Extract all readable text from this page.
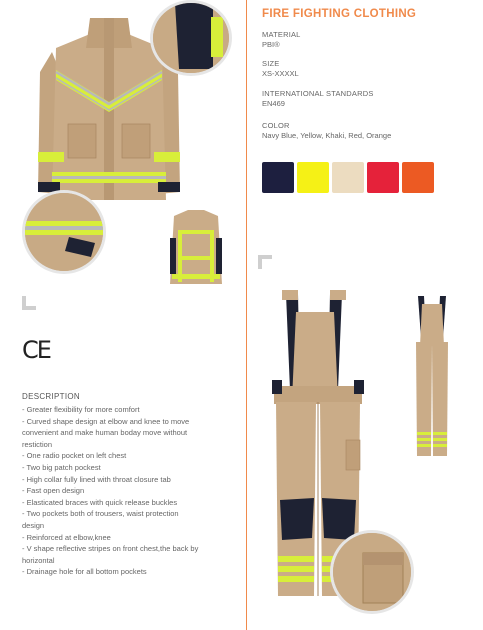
CE
DESCRIPTION
- Greater flexibility for more comfort
- Curved shape design at elbow and knee to move
convenient and make human boday move without
restiction
- One radio pocket on left chest
- Two big patch pockest
- High collar fully lined with throat closure tab
- Fast open design
- Elasticated braces with quick release buckles
- Two pockets both of trousers, waist protection
design
- Reinforced at elbow,knee
- V shape reflective stripes on front chest,the back by
horizontal
- Drainage hole for all bottom pockets
FIRE FIGHTING CLOTHING
MATERIAL
PBI®
SIZE
XS-XXXXL
INTERNATIONAL STANDARDS
EN469
COLOR
Navy Blue, Yellow, Khaki, Red, Orange
